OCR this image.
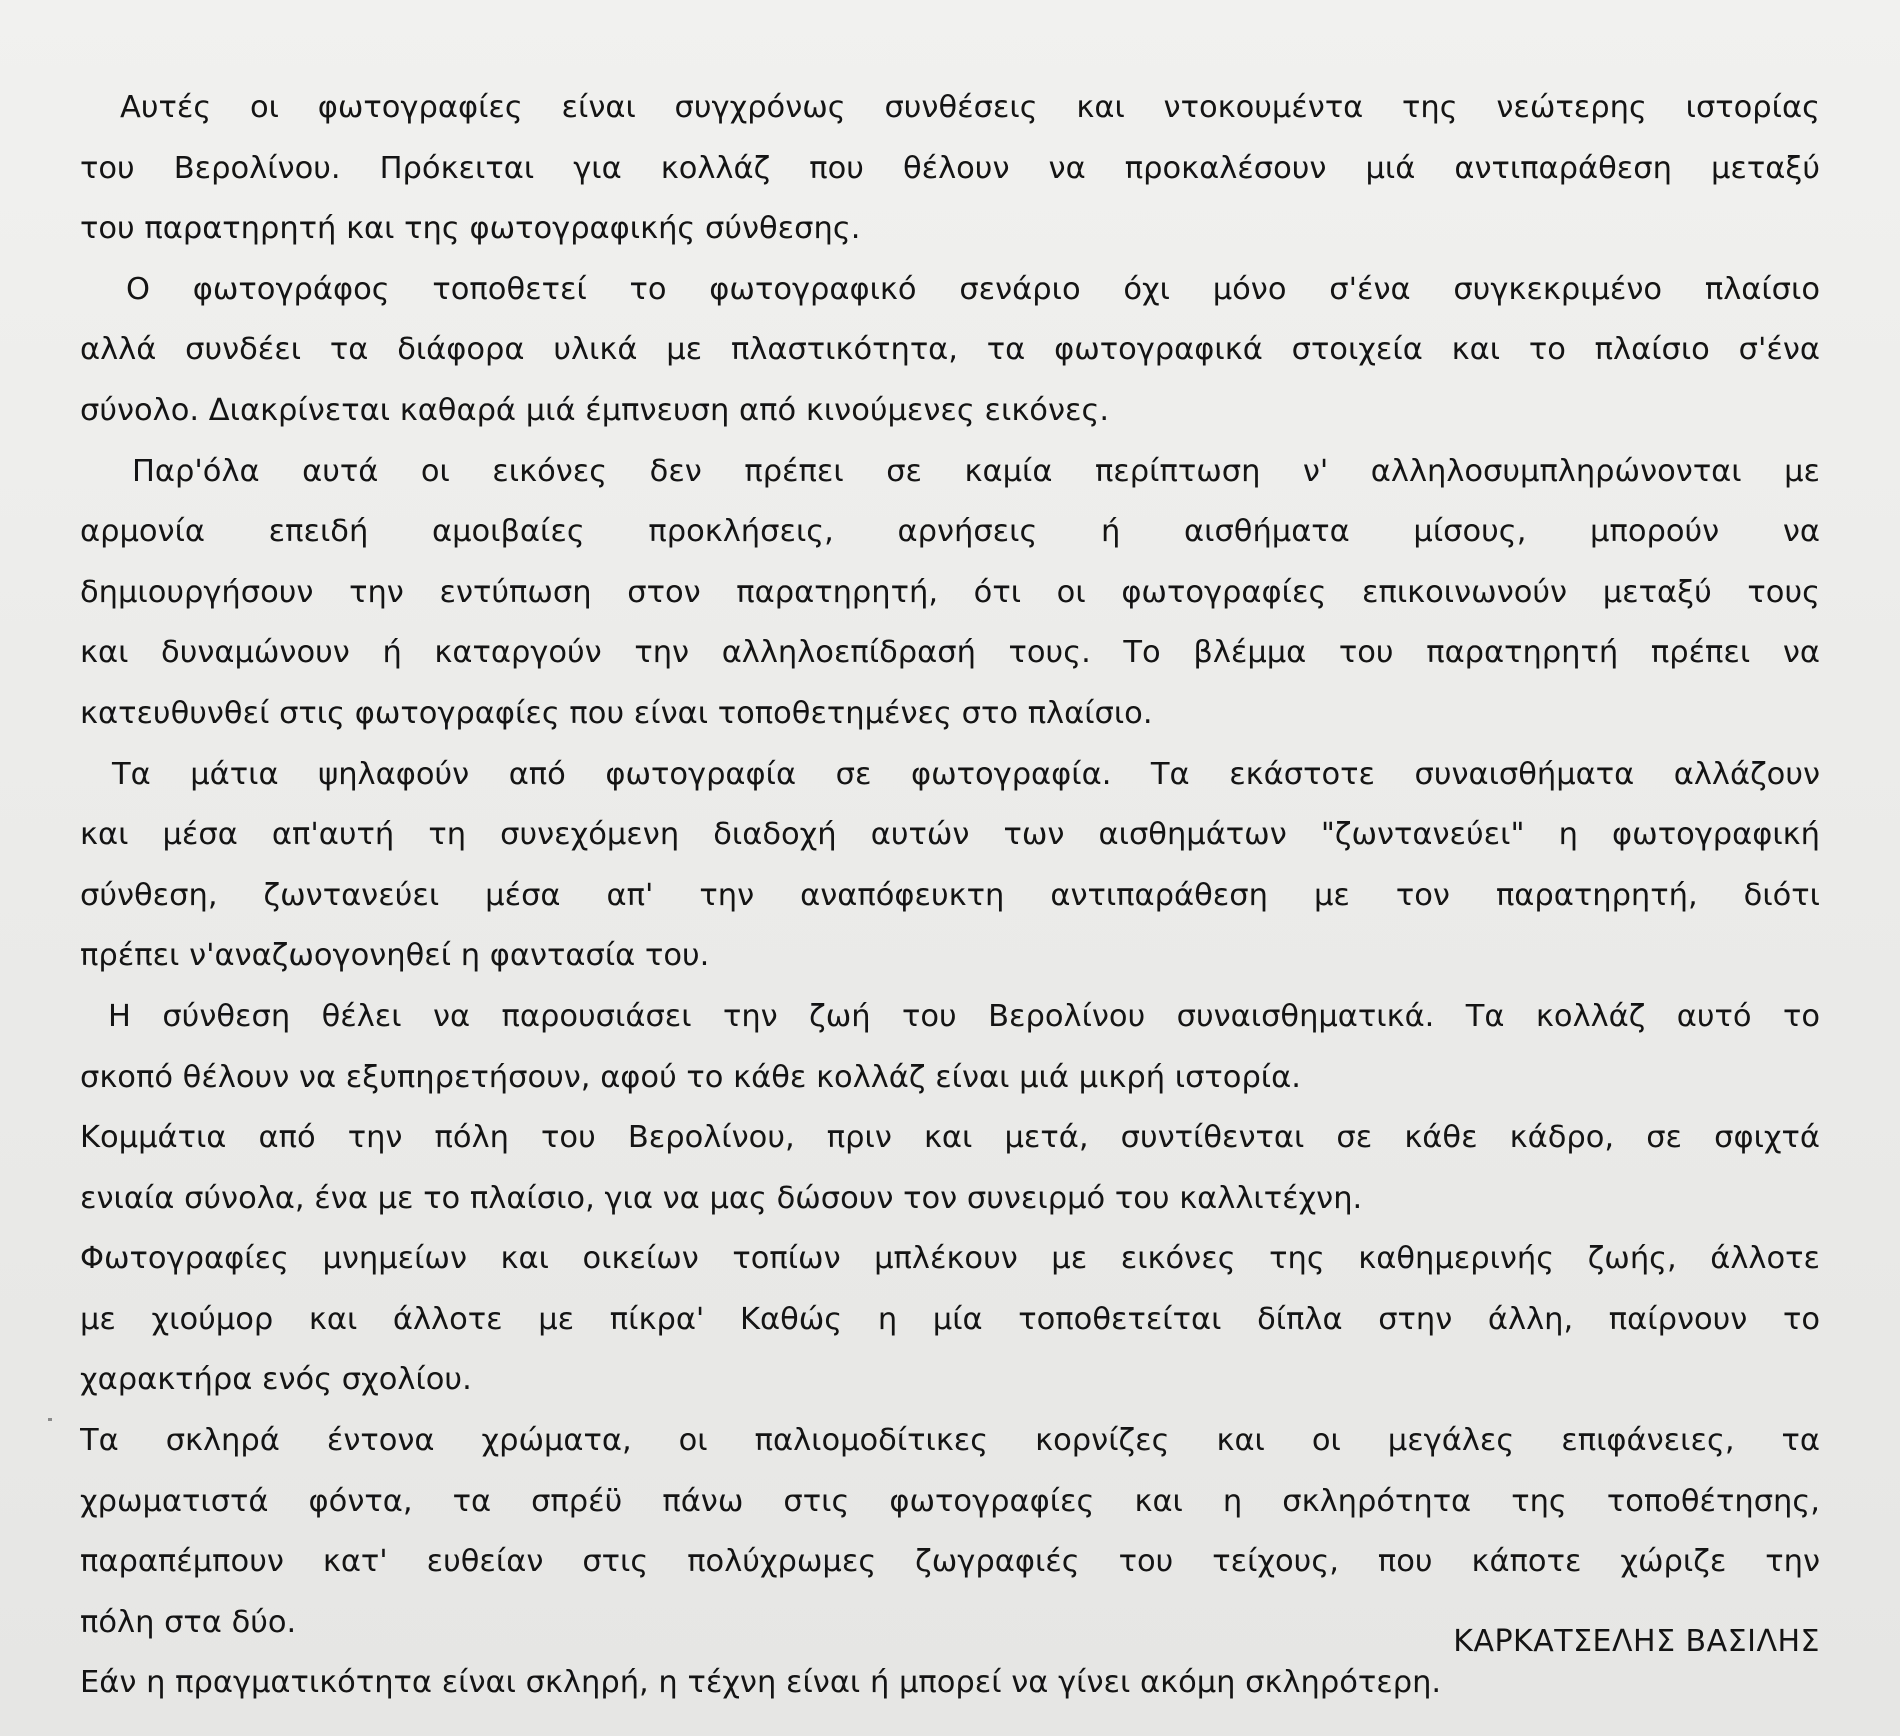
Αυτές οι φωτογραφίες είναι συγχρόνως συνθέσεις και ντοκουμέντα της νεώτερης ιστορίας
του Βερολίνου. Πρόκειται για κολλάζ που θέλουν να προκαλέσουν μιά αντιπαράθεση μεταξύ
του παρατηρητή και της φωτογραφικής σύνθεσης.
Ο φωτογράφος τοποθετεί το φωτογραφικό σενάριο όχι μόνο σ'ένα συγκεκριμένο πλαίσιο
αλλά συνδέει τα διάφορα υλικά με πλαστικότητα, τα φωτογραφικά στοιχεία και το πλαίσιο σ'ένα
σύνολο. Διακρίνεται καθαρά μιά έμπνευση από κινούμενες εικόνες.
Παρ'όλα αυτά οι εικόνες δεν πρέπει σε καμία περίπτωση ν' αλληλοσυμπληρώνονται με
αρμονία επειδή αμοιβαίες προκλήσεις, αρνήσεις ή αισθήματα μίσους, μπορούν να
δημιουργήσουν την εντύπωση στον παρατηρητή, ότι οι φωτογραφίες επικοινωνούν μεταξύ τους
και δυναμώνουν ή καταργούν την αλληλοεπίδρασή τους. Το βλέμμα του παρατηρητή πρέπει να
κατευθυνθεί στις φωτογραφίες που είναι τοποθετημένες στο πλαίσιο.
Τα μάτια ψηλαφούν από φωτογραφία σε φωτογραφία. Τα εκάστοτε συναισθήματα αλλάζουν
και μέσα απ'αυτή τη συνεχόμενη διαδοχή αυτών των αισθημάτων "ζωντανεύει" η φωτογραφική
σύνθεση, ζωντανεύει μέσα απ' την αναπόφευκτη αντιπαράθεση με τον παρατηρητή, διότι
πρέπει ν'αναζωογονηθεί η φαντασία του.
Η σύνθεση θέλει να παρουσιάσει την ζωή του Βερολίνου συναισθηματικά. Τα κολλάζ αυτό το
σκοπό θέλουν να εξυπηρετήσουν, αφού το κάθε κολλάζ είναι μιά μικρή ιστορία.
Κομμάτια από την πόλη του Βερολίνου, πριν και μετά, συντίθενται σε κάθε κάδρο, σε σφιχτά
ενιαία σύνολα, ένα με το πλαίσιο, για να μας δώσουν τον συνειρμό του καλλιτέχνη.
Φωτογραφίες μνημείων και οικείων τοπίων μπλέκουν με εικόνες της καθημερινής ζωής, άλλοτε
με χιούμορ και άλλοτε με πίκρα' Καθώς η μία τοποθετείται δίπλα στην άλλη, παίρνουν το
χαρακτήρα ενός σχολίου.
Τα σκληρά έντονα χρώματα, οι παλιομοδίτικες κορνίζες και οι μεγάλες επιφάνειες, τα
χρωματιστά φόντα, τα σπρέϋ πάνω στις φωτογραφίες και η σκληρότητα της τοποθέτησης,
παραπέμπουν κατ' ευθείαν στις πολύχρωμες ζωγραφιές του τείχους, που κάποτε χώριζε την
πόλη στα δύο.
Εάν η πραγματικότητα είναι σκληρή, η τέχνη είναι ή μπορεί να γίνει ακόμη σκληρότερη.
ΚΑΡΚΑΤΣΕΛΗΣ ΒΑΣΙΛΗΣ
